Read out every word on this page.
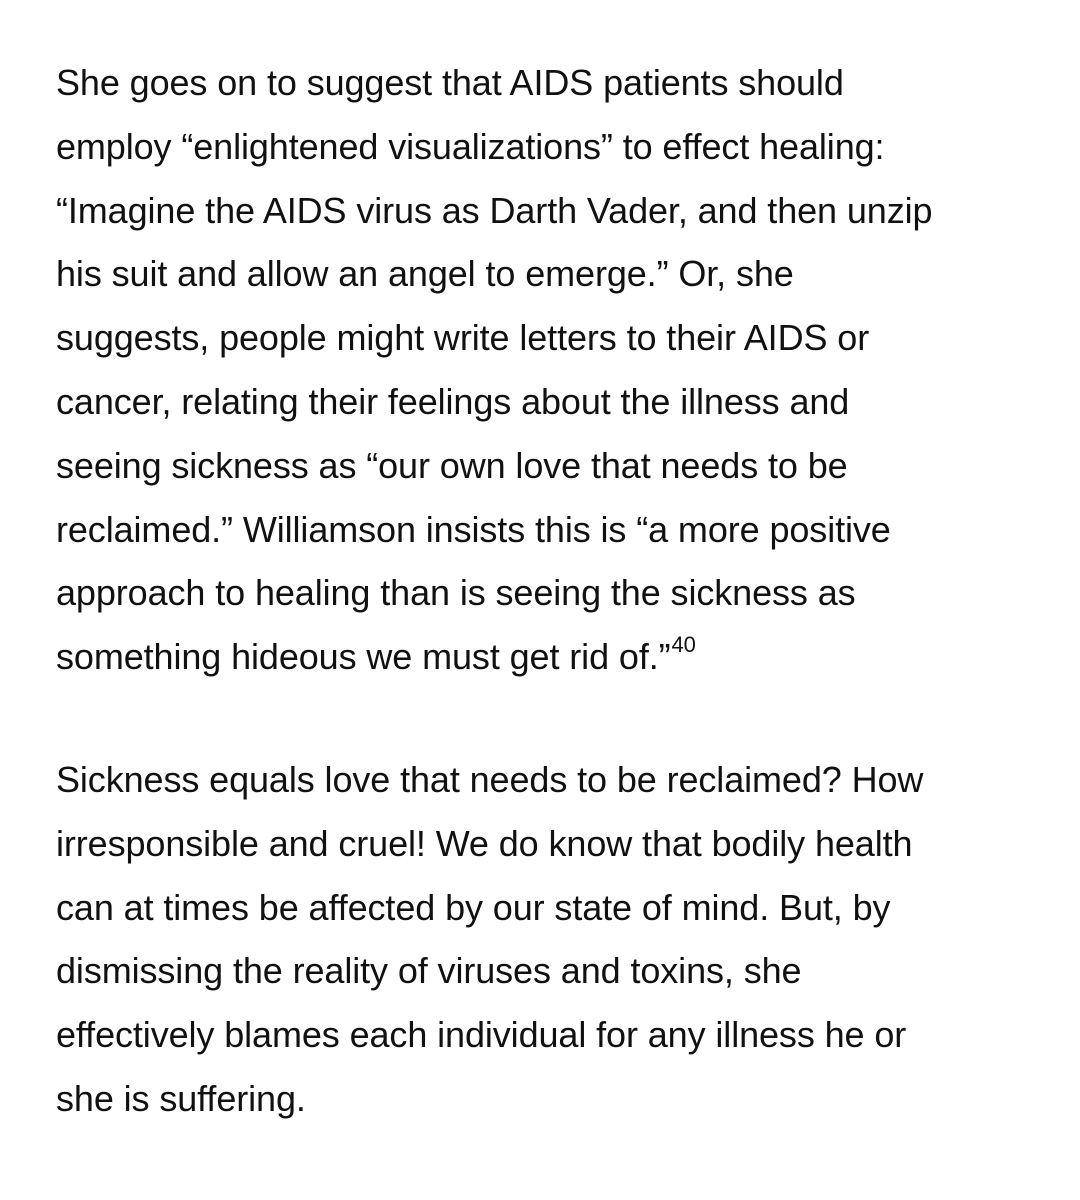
She goes on to suggest that AIDS patients should
employ “enlightened visualizations” to effect healing:
“Imagine the AIDS virus as Darth Vader, and then unzip
his suit and allow an angel to emerge.” Or, she
suggests, people might write letters to their AIDS or
cancer, relating their feelings about the illness and
seeing sickness as “our own love that needs to be
reclaimed.” Williamson insists this is “a more positive
approach to healing than is seeing the sickness as
something hideous we must get rid of.”$^{40}$

Sickness equals love that needs to be reclaimed? How
irresponsible and cruel! We do know that bodily health
can at times be affected by our state of mind. But, by
dismissing the reality of viruses and toxins, she
effectively blames each individual for any illness he or
she is suffering.
